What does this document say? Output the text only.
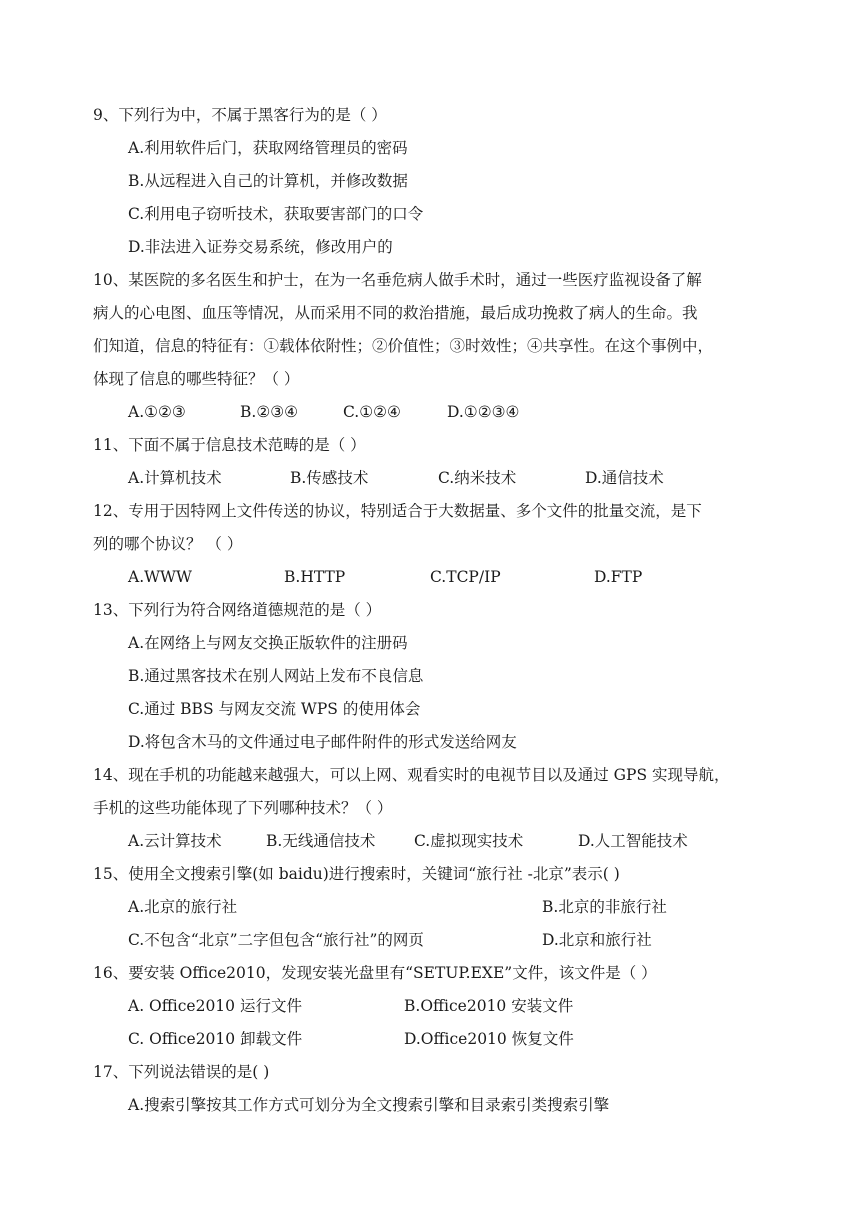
9、下列行为中，不属于黑客行为的是（ ）
A.利用软件后门，获取网络管理员的密码
B.从远程进入自己的计算机，并修改数据
C.利用电子窃听技术，获取要害部门的口令
D.非法进入证券交易系统，修改用户的
10、某医院的多名医生和护士，在为一名垂危病人做手术时，通过一些医疗监视设备了解
病人的心电图、血压等情况，从而采用不同的救治措施，最后成功挽救了病人的生命。我
们知道，信息的特征有：①载体依附性；②价值性；③时效性；④共享性。在这个事例中，
体现了信息的哪些特征？（ ）
A.①②③	B.②③④	C.①②④	D.①②③④
11、下面不属于信息技术范畴的是（ ）
A.计算机技术	B.传感技术	C.纳米技术	D.通信技术
12、专用于因特网上文件传送的协议，特别适合于大数据量、多个文件的批量交流，是下
列的哪个协议？ （ ）
A.WWW	B.HTTP	C.TCP/IP	D.FTP
13、下列行为符合网络道德规范的是（ ）
A.在网络上与网友交换正版软件的注册码
B.通过黑客技术在别人网站上发布不良信息
C.通过 BBS 与网友交流 WPS 的使用体会
D.将包含木马的文件通过电子邮件附件的形式发送给网友
14、现在手机的功能越来越强大，可以上网、观看实时的电视节目以及通过 GPS 实现导航，
手机的这些功能体现了下列哪种技术？（ ）
A.云计算技术	B.无线通信技术 C.虚拟现实技术	D.人工智能技术
15、使用全文搜索引擎(如 baidu)进行搜索时，关键词“旅行社 -北京”表示( )
A.北京的旅行社	B.北京的非旅行社
C.不包含“北京”二字但包含“旅行社”的网页	D.北京和旅行社
16、要安装 Office2010，发现安装光盘里有“SETUP.EXE”文件，该文件是（ ）
A. Office2010 运行文件	B.Office2010 安装文件
C. Office2010 卸载文件	D.Office2010 恢复文件
17、下列说法错误的是( )
A.搜索引擎按其工作方式可划分为全文搜索引擎和目录索引类搜索引擎
